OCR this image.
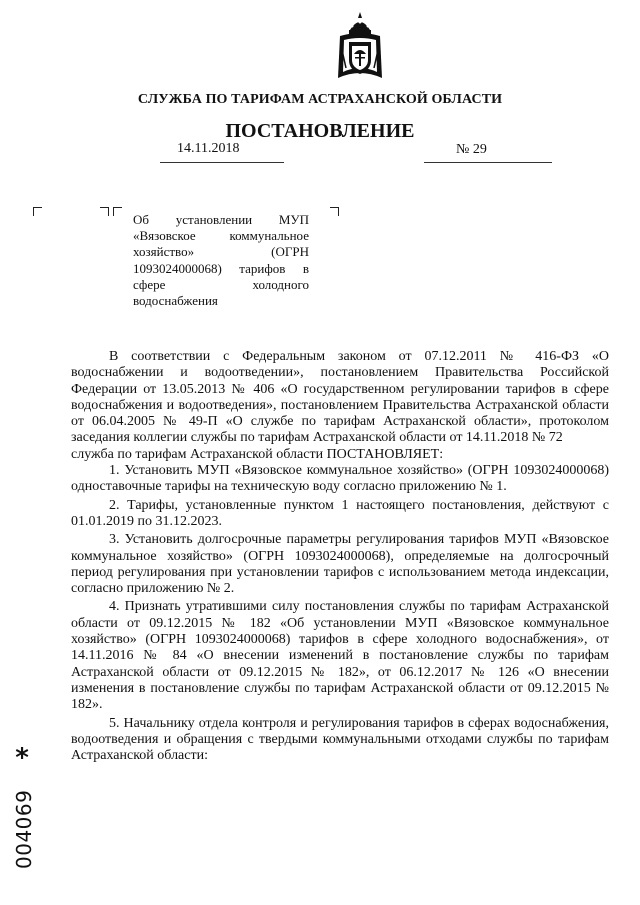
СЛУЖБА ПО ТАРИФАМ АСТРАХАНСКОЙ ОБЛАСТИ
ПОСТАНОВЛЕНИЕ
14.11.2018	№ 29
Об установлении МУП «Вязовское коммунальное хозяйство» (ОГРН 1093024000068) тарифов в сфере холодного водоснабжения

В соответствии с Федеральным законом от 07.12.2011 № 416-ФЗ «О водоснабжении и водоотведении», постановлением Правительства Российской Федерации от 13.05.2013 № 406 «О государственном регулировании тарифов в сфере водоснабжения и водоотведения», постановлением Правительства Астраханской области от 06.04.2005 № 49-П «О службе по тарифам Астраханской области», протоколом заседания коллегии службы по тарифам Астраханской области от 14.11.2018 № 72

служба по тарифам Астраханской области ПОСТАНОВЛЯЕТ:

1. Установить МУП «Вязовское коммунальное хозяйство» (ОГРН 1093024000068) одноставочные тарифы на техническую воду согласно приложению № 1.

2. Тарифы, установленные пунктом 1 настоящего постановления, действуют с 01.01.2019 по 31.12.2023.

3. Установить долгосрочные параметры регулирования тарифов МУП «Вязовское коммунальное хозяйство» (ОГРН 1093024000068), определяемые на долгосрочный период регулирования при установлении тарифов с использованием метода индексации, согласно приложению № 2.

4. Признать утратившими силу постановления службы по тарифам Астраханской области от 09.12.2015 № 182 «Об установлении МУП «Вязовское коммунальное хозяйство» (ОГРН 1093024000068) тарифов в сфере холодного водоснабжения», от 14.11.2016 № 84 «О внесении изменений в постановление службы по тарифам Астраханской области от 09.12.2015 № 182», от 06.12.2017 № 126 «О внесении изменения в постановление службы по тарифам Астраханской области от 09.12.2015 № 182».

5. Начальнику отдела контроля и регулирования тарифов в сферах водоснабжения, водоотведения и обращения с твердыми коммунальными отходами службы по тарифам Астраханской области:

*
004069
